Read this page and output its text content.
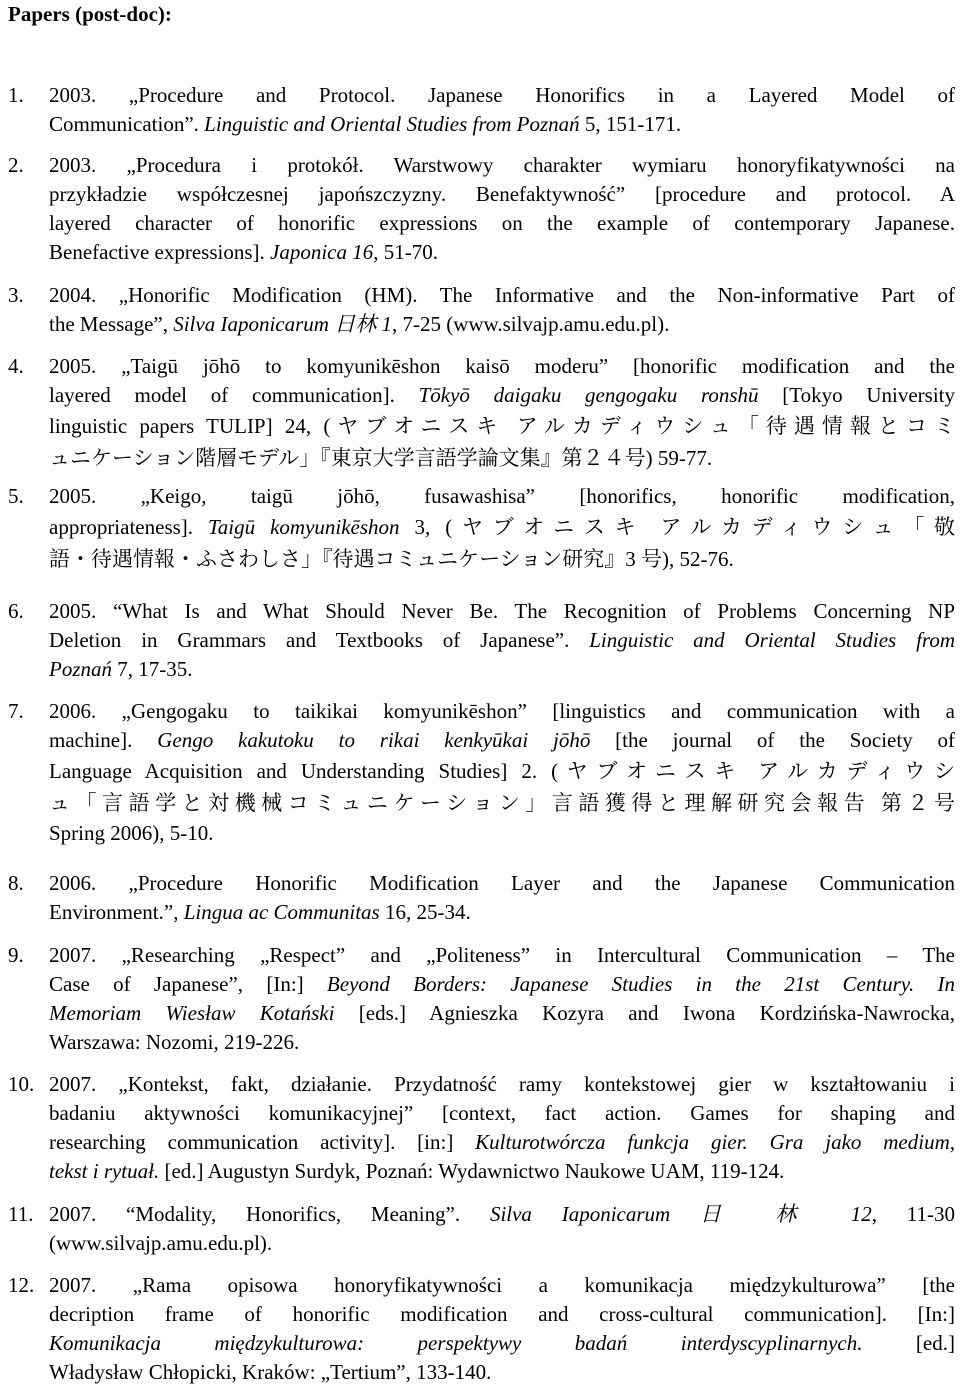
Papers (post-doc):
1. 2003. „Procedure and Protocol. Japanese Honorifics in a Layered Model of
Communication”. Linguistic and Oriental Studies from Poznań 5, 151-171.
2. 2003. „Procedura i protokół. Warstwowy charakter wymiaru honoryfikatywności na
przykładzie współczesnej japońszczyzny. Benefaktywność” [procedure and protocol. A
layered character of honorific expressions on the example of contemporary Japanese.
Benefactive expressions]. Japonica 16, 51-70.
3. 2004. „Honorific Modification (HM). The Informative and the Non-informative Part of
the Message”, Silva Iaponicarum 日林 1, 7-25 (www.silvajp.amu.edu.pl).
4. 2005. „Taigū jōhō to komyunikēshon kaisō moderu” [honorific modification and the
layered model of communication]. Tōkyō daigaku gengogaku ronshū [Tokyo University
linguistic papers TULIP] 24, (ヤブオニスキ アルカディウシュ「待遇情報とコミ
ュニケーション階層モデル」『東京大学言語学論文集』第２４号) 59-77.
5. 2005. „Keigo, taigū jōhō, fusawashisa” [honorifics, honorific modification,
appropriateness]. Taigū komyunikēshon 3, (ヤブオニスキ アルカディウシュ「敬
語・待遇情報・ふさわしさ」『待遇コミュニケーション研究』3 号), 52-76.
6. 2005. “What Is and What Should Never Be. The Recognition of Problems Concerning NP
Deletion in Grammars and Textbooks of Japanese”. Linguistic and Oriental Studies from
Poznań 7, 17-35.
7. 2006. „Gengogaku to taikikai komyunikēshon” [linguistics and communication with a
machine]. Gengo kakutoku to rikai kenkyūkai jōhō [the journal of the Society of
Language Acquisition and Understanding Studies] 2. (ヤブオニスキ アルカディウシ
ュ「言語学と対機械コミュニケーション」言語獲得と理解研究会報告 第２号
Spring 2006), 5-10.
8. 2006. „Procedure Honorific Modification Layer and the Japanese Communication
Environment.”, Lingua ac Communitas 16, 25-34.
9. 2007. „Researching „Respect” and „Politeness” in Intercultural Communication – The
Case of Japanese”, [In:] Beyond Borders: Japanese Studies in the 21st Century. In
Memoriam Wiesław Kotański [eds.] Agnieszka Kozyra and Iwona Kordzińska-Nawrocka,
Warszawa: Nozomi, 219-226.
10. 2007. „Kontekst, fakt, działanie. Przydatność ramy kontekstowej gier w kształtowaniu i
badaniu aktywności komunikacyjnej” [context, fact action. Games for shaping and
researching communication activity]. [in:] Kulturotwórcza funkcja gier. Gra jako medium,
tekst i rytuał. [ed.] Augustyn Surdyk, Poznań: Wydawnictwo Naukowe UAM, 119-124.
11. 2007. “Modality, Honorifics, Meaning”. Silva Iaponicarum 日 林 12, 11-30
(www.silvajp.amu.edu.pl).
12. 2007. „Rama opisowa honoryfikatywności a komunikacja międzykulturowa” [the
decription frame of honorific modification and cross-cultural communication]. [In:]
Komunikacja międzykulturowa: perspektywy badań interdyscyplinarnych. [ed.]
Władysław Chłopicki, Kraków: „Tertium”, 133-140.
